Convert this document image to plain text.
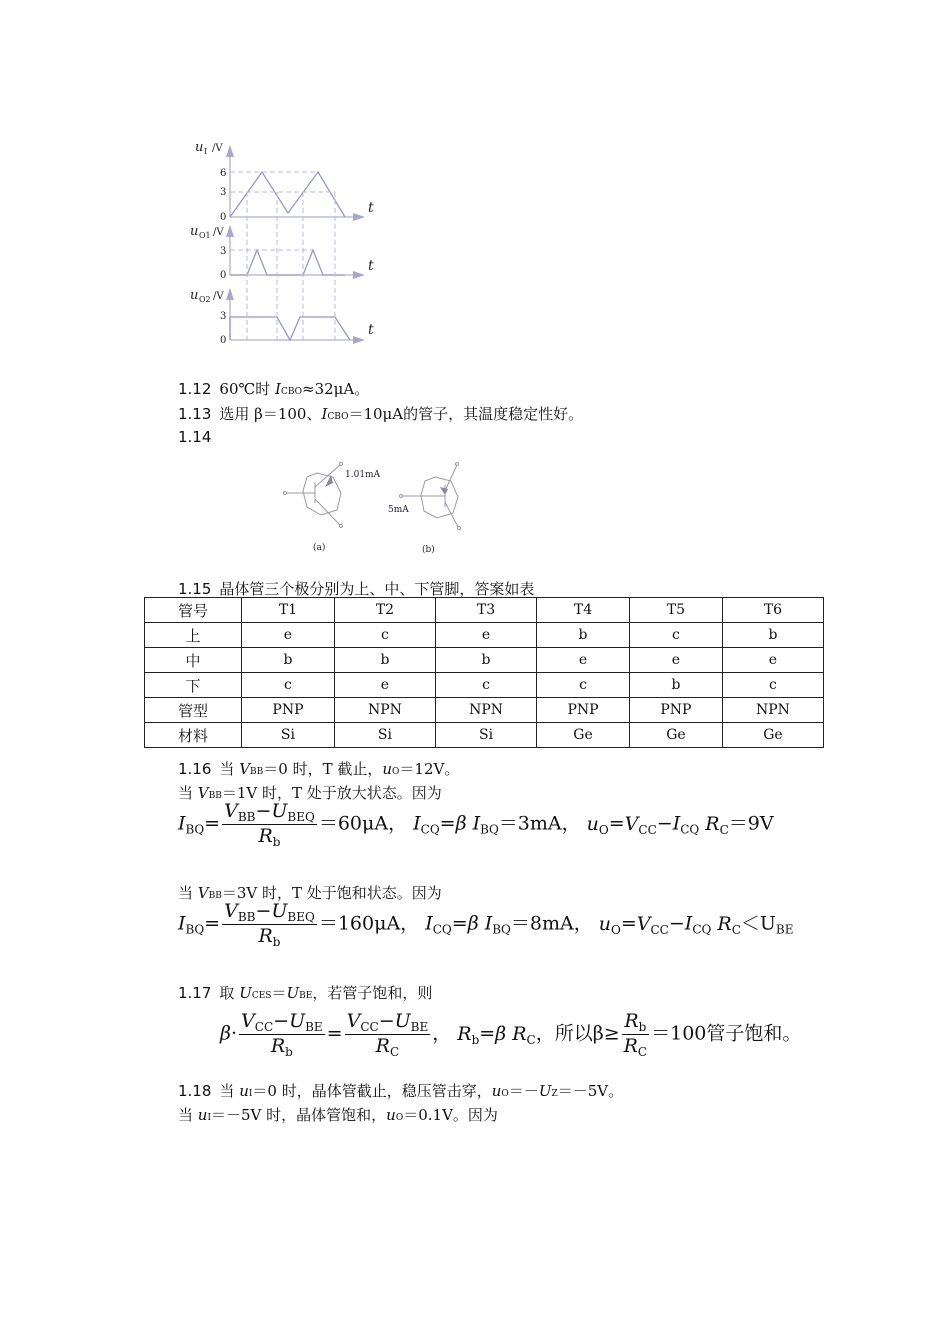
u I /V
6
3
0
t
u O1 /V
3
0
t
u O2 /V
3
0
t
1.12 60℃时 ICBO≈32μA。
1.13 选用 β＝100、ICBO＝10μA的管子，其温度稳定性好。
1.14
1.01mA
5mA
(a)	(b)
1.15 晶体管三个极分别为上、中、下管脚，答案如表
管号	T1	T2	T3	T4	T5	T6
上	e	c	e	b	c	b
中	b	b	b	e	e	e
下	c	e	c	c	b	c
管型	PNP	NPN	NPN	PNP	PNP	NPN
材料	Si	Si	Si	Ge	Ge	Ge
1.16 当 VBB＝0 时，T 截止，uO＝12V。
当 VBB＝1V 时，T 处于放大状态。因为
$I_{BQ}= \frac{V_{BB}-U_{BEQ}}{R_b} =60\mu A$， $I_{CQ}=\beta$ $I_{BQ}=3mA$， $u_O=V_{CC}-I_{CQ}$ $R_C=9V$
当 VBB＝3V 时，T 处于饱和状态。因为
$I_{BQ}= \frac{V_{BB}-U_{BEQ}}{R_b} =160\mu A$， $I_{CQ}=\beta$ $I_{BQ}=8mA$， $u_O=V_{CC}-I_{CQ}$ $R_C<U_{BE}$
1.17 取 UCES＝UBE，若管子饱和，则
$\beta\cdot \frac{V_{CC}-U_{BE}}{R_b} = \frac{V_{CC}-U_{BE}}{R_C}$ ， $R_b=\beta$ $R_C$，所以$\beta\ge \frac{R_b}{R_C} =100$管子饱和。
1.18 当 uI＝0 时，晶体管截止，稳压管击穿，uO＝－UZ＝－5V。
当 uI＝－5V 时，晶体管饱和，uO＝0.1V。因为
